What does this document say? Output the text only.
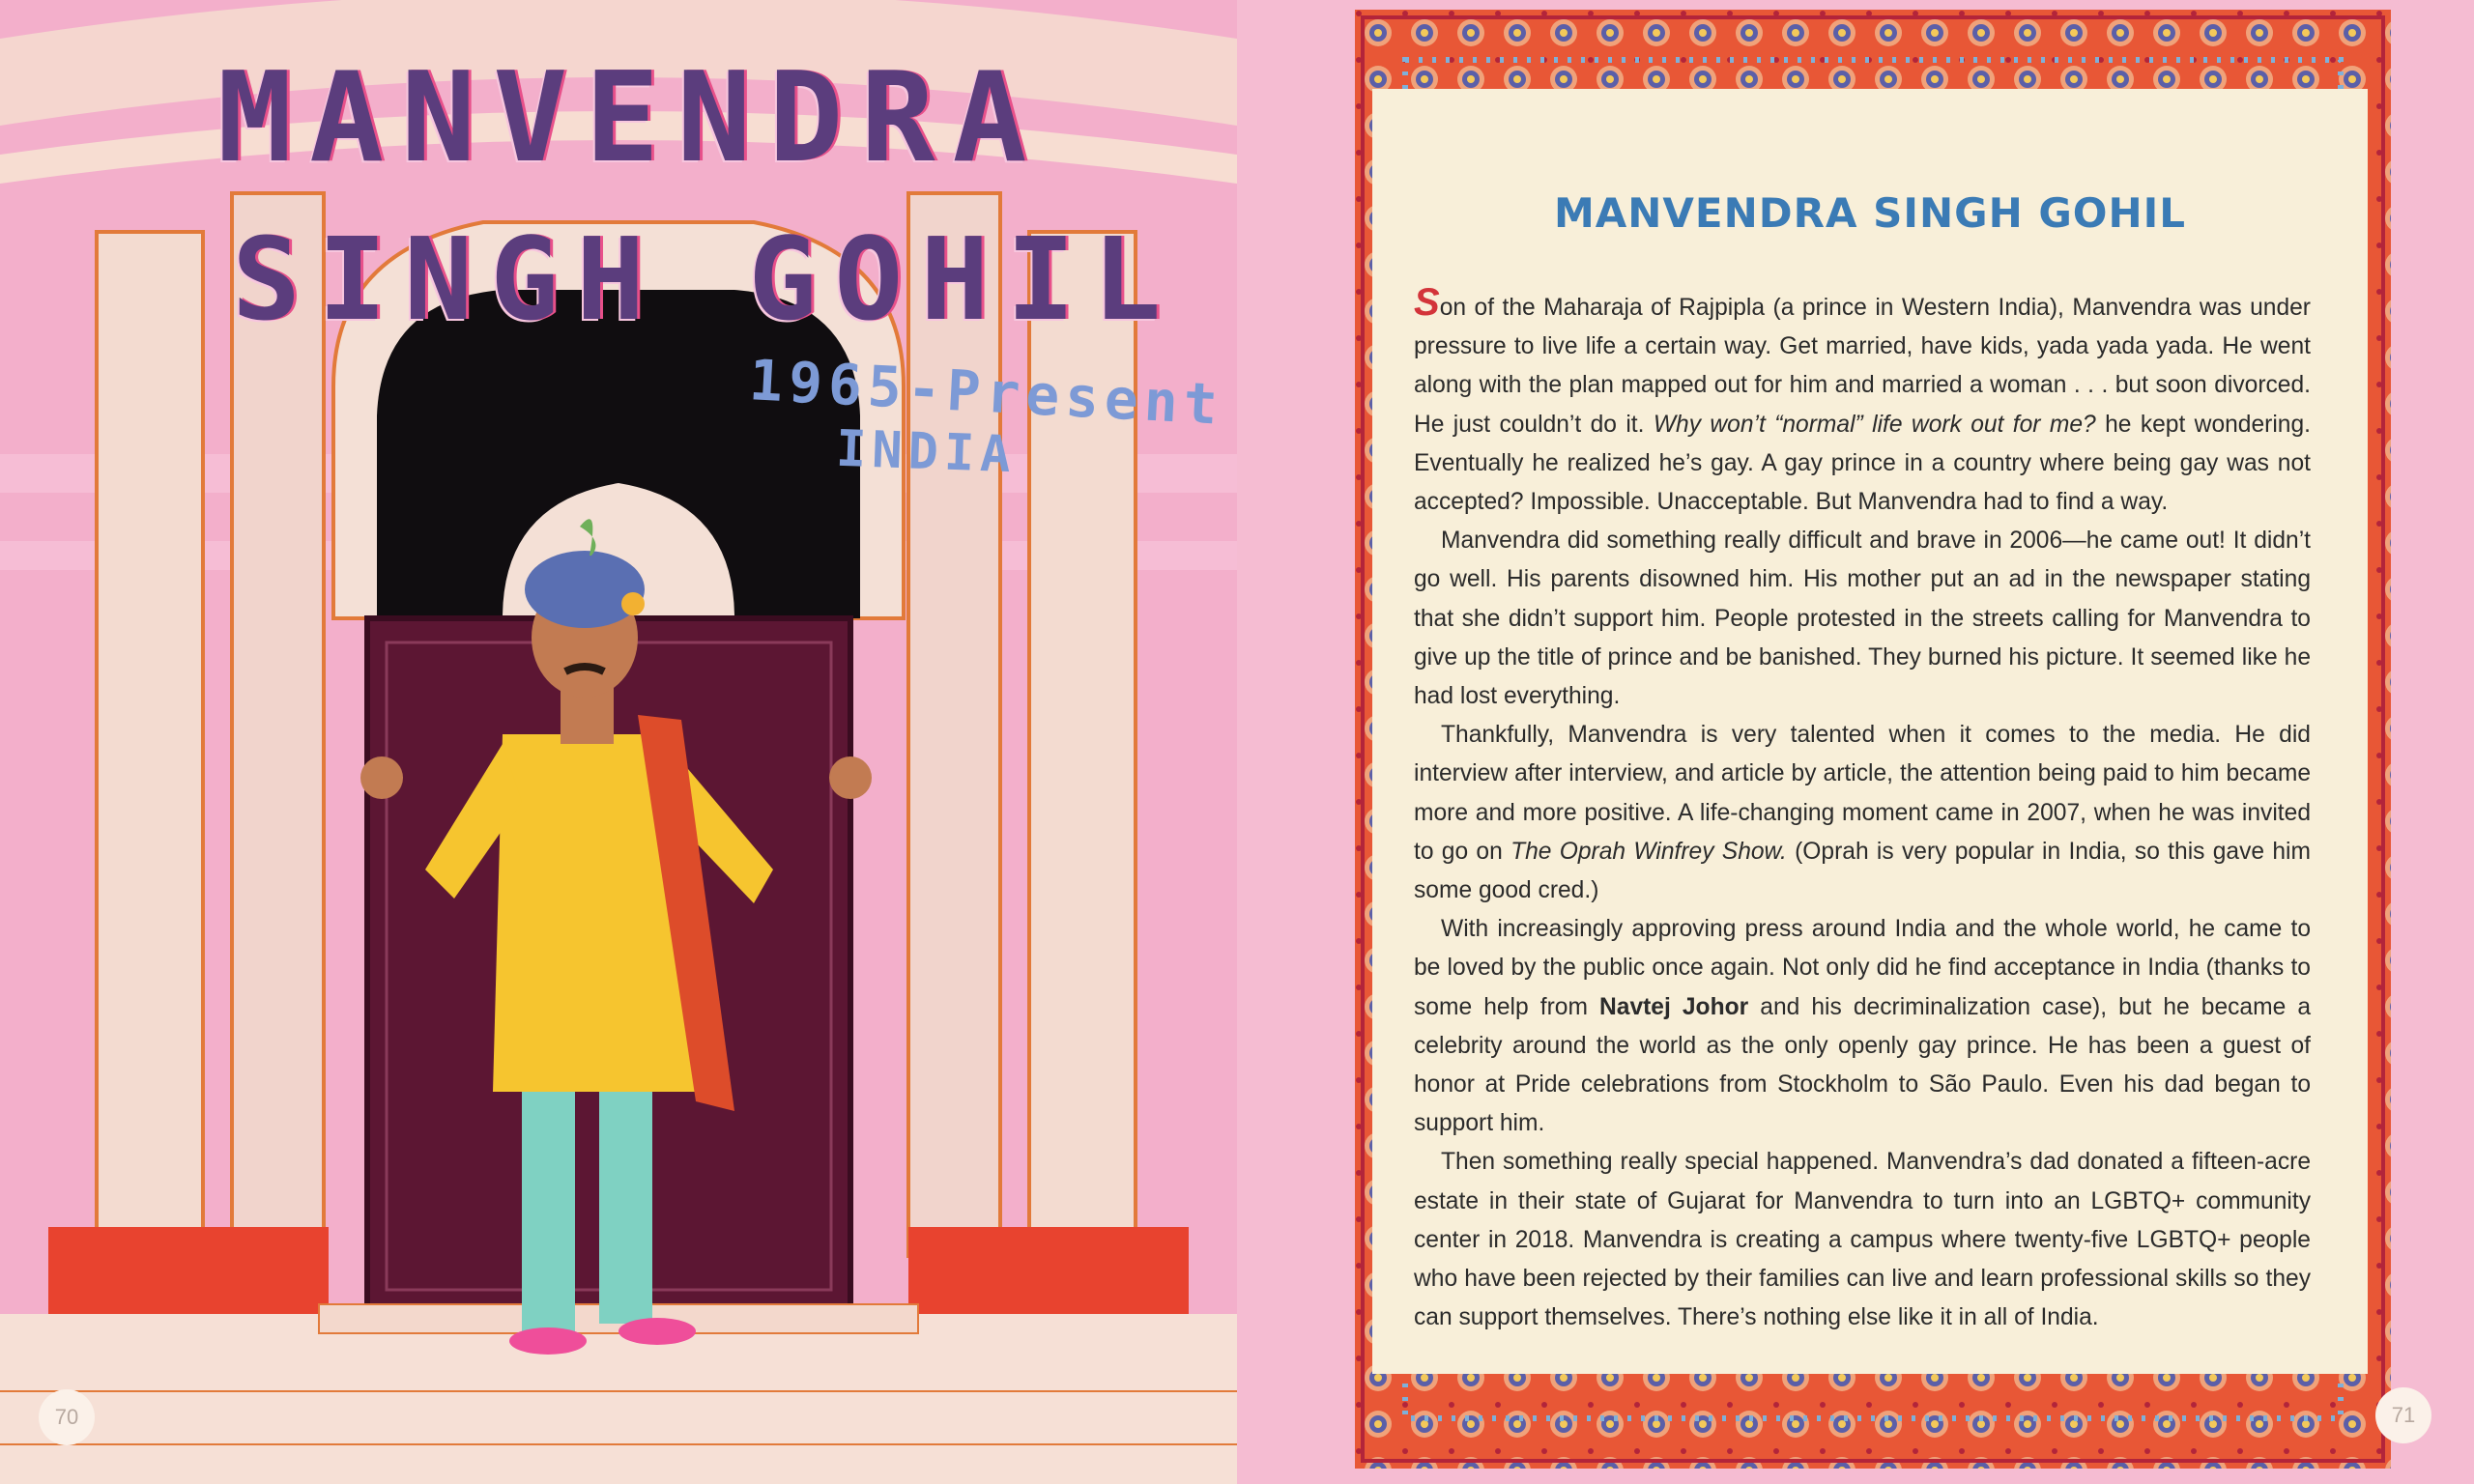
MANVENDRA
SINGH GOHIL
1965-Present
INDIA
70
MANVENDRA SINGH GOHIL

Son of the Maharaja of Rajpipla (a prince in Western India), Manvendra was under pressure to live life a certain way. Get married, have kids, yada yada yada. He went along with the plan mapped out for him and married a woman . . . but soon divorced. He just couldn’t do it. Why won’t “normal” life work out for me? he kept wondering. Eventually he realized he’s gay. A gay prince in a country where being gay was not accepted? Impossible. Unacceptable. But Manvendra had to find a way.

Manvendra did something really difficult and brave in 2006—he came out! It didn’t go well. His parents disowned him. His mother put an ad in the newspaper stating that she didn’t support him. People protested in the streets calling for Manvendra to give up the title of prince and be banished. They burned his picture. It seemed like he had lost everything.

Thankfully, Manvendra is very talented when it comes to the media. He did interview after interview, and article by article, the attention being paid to him became more and more positive. A life-changing moment came in 2007, when he was invited to go on The Oprah Winfrey Show. (Oprah is very popular in India, so this gave him some good cred.)

With increasingly approving press around India and the whole world, he came to be loved by the public once again. Not only did he find acceptance in India (thanks to some help from Navtej Johor and his decriminalization case), but he became a celebrity around the world as the only openly gay prince. He has been a guest of honor at Pride celebrations from Stockholm to São Paulo. Even his dad began to support him.

Then something really special happened. Manvendra’s dad donated a fifteen-acre estate in their state of Gujarat for Manvendra to turn into an LGBTQ+ community center in 2018. Manvendra is creating a campus where twenty-five LGBTQ+ people who have been rejected by their families can live and learn professional skills so they can support themselves. There’s nothing else like it in all of India.

71
